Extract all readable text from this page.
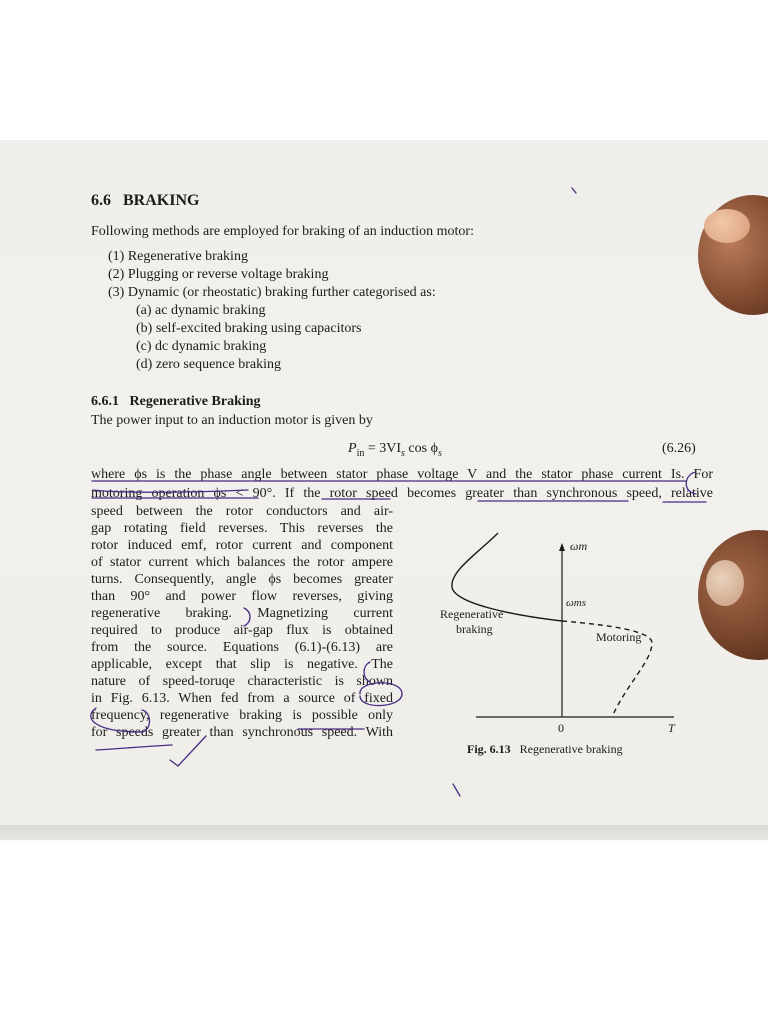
6.6 BRAKING
Following methods are employed for braking of an induction motor:
(1) Regenerative braking
(2) Plugging or reverse voltage braking
(3) Dynamic (or rheostatic) braking further categorised as:
(a) ac dynamic braking
(b) self-excited braking using capacitors
(c) dc dynamic braking
(d) zero sequence braking
6.6.1 Regenerative Braking
The power input to an induction motor is given by
$P_{in} = 3VI_s$ $\cos \phi_s$	(6.26)
where ϕs is the phase angle between stator phase voltage V and the stator phase current Is. For
motoring operation ϕs < 90°. If the rotor speed becomes greater than synchronous speed, relative
speed between the rotor conductors and air-
gap rotating field reverses. This reverses the
rotor induced emf, rotor current and component
of stator current which balances the rotor ampere
turns. Consequently, angle ϕs becomes greater
than 90° and power flow reverses, giving
regenerative braking. Magnetizing current
required to produce air-gap flux is obtained
from the source. Equations (6.1)-(6.13) are
applicable, except that slip is negative. The
nature of speed-toruqe characteristic is shown
in Fig. 6.13. When fed from a source of fixed
frequency, regenerative braking is possible only
for speeds greater than synchronous speed. With
ωm
ωms
Regenerative
braking
Motoring
0	T
Fig. 6.13 Regenerative braking
